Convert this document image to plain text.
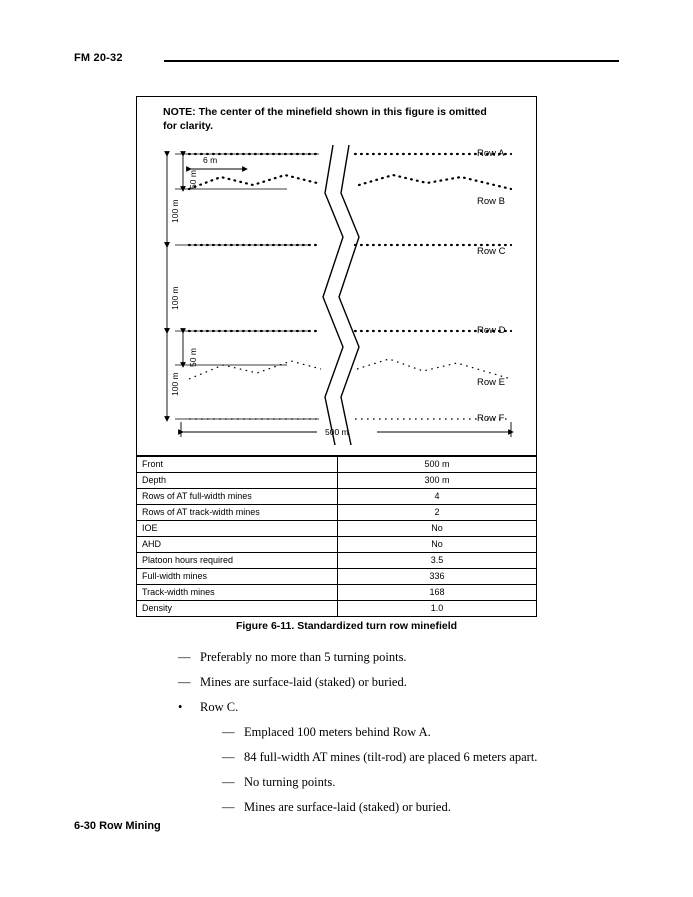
FM 20-32
NOTE: The center of the minefield shown in this figure is omitted for clarity.
Row A
Row B
Row C
Row D
Row E
Row F
6 m
50 m
100 m
100 m
100 m
50 m
500 m
Front	500 m
Depth	300 m
Rows of AT full-width mines	4
Rows of AT track-width mines	2
IOE	No
AHD	No
Platoon hours required	3.5
Full-width mines	336
Track-width mines	168
Density	1.0
Figure 6-11. Standardized turn row minefield
— Preferably no more than 5 turning points.
— Mines are surface-laid (staked) or buried.
• Row C.
— Emplaced 100 meters behind Row A.
— 84 full-width AT mines (tilt-rod) are placed 6 meters apart.
— No turning points.
— Mines are surface-laid (staked) or buried.
6-30 Row Mining
